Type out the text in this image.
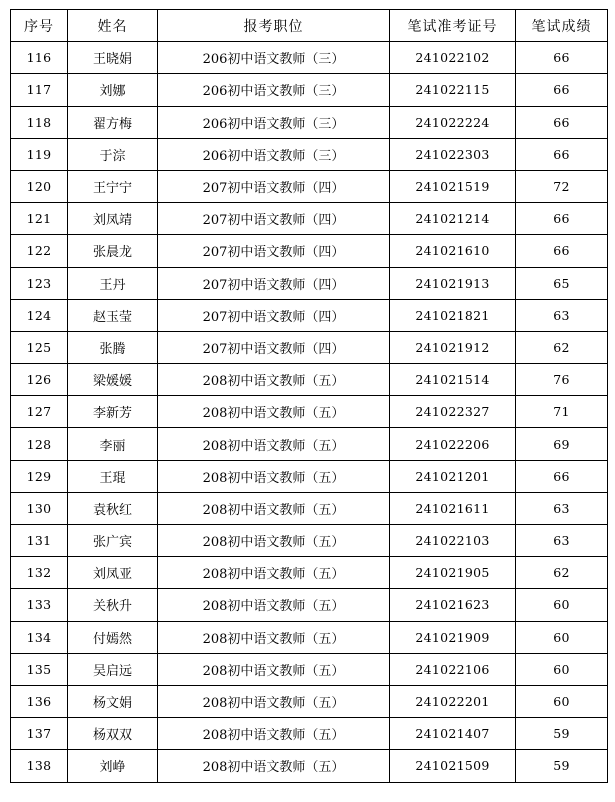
序号	姓名	报考职位	笔试准考证号	笔试成绩
116	王晓娟	206初中语文教师（三）	241022102	66
117	刘娜	206初中语文教师（三）	241022115	66
118	翟方梅	206初中语文教师（三）	241022224	66
119	于淙	206初中语文教师（三）	241022303	66
120	王宁宁	207初中语文教师（四）	241021519	72
121	刘凤靖	207初中语文教师（四）	241021214	66
122	张晨龙	207初中语文教师（四）	241021610	66
123	王丹	207初中语文教师（四）	241021913	65
124	赵玉莹	207初中语文教师（四）	241021821	63
125	张腾	207初中语文教师（四）	241021912	62
126	梁媛媛	208初中语文教师（五）	241021514	76
127	李新芳	208初中语文教师（五）	241022327	71
128	李丽	208初中语文教师（五）	241022206	69
129	王琨	208初中语文教师（五）	241021201	66
130	袁秋红	208初中语文教师（五）	241021611	63
131	张广宾	208初中语文教师（五）	241022103	63
132	刘凤亚	208初中语文教师（五）	241021905	62
133	关秋升	208初中语文教师（五）	241021623	60
134	付嫣然	208初中语文教师（五）	241021909	60
135	吴启远	208初中语文教师（五）	241022106	60
136	杨文娟	208初中语文教师（五）	241022201	60
137	杨双双	208初中语文教师（五）	241021407	59
138	刘峥	208初中语文教师（五）	241021509	59
